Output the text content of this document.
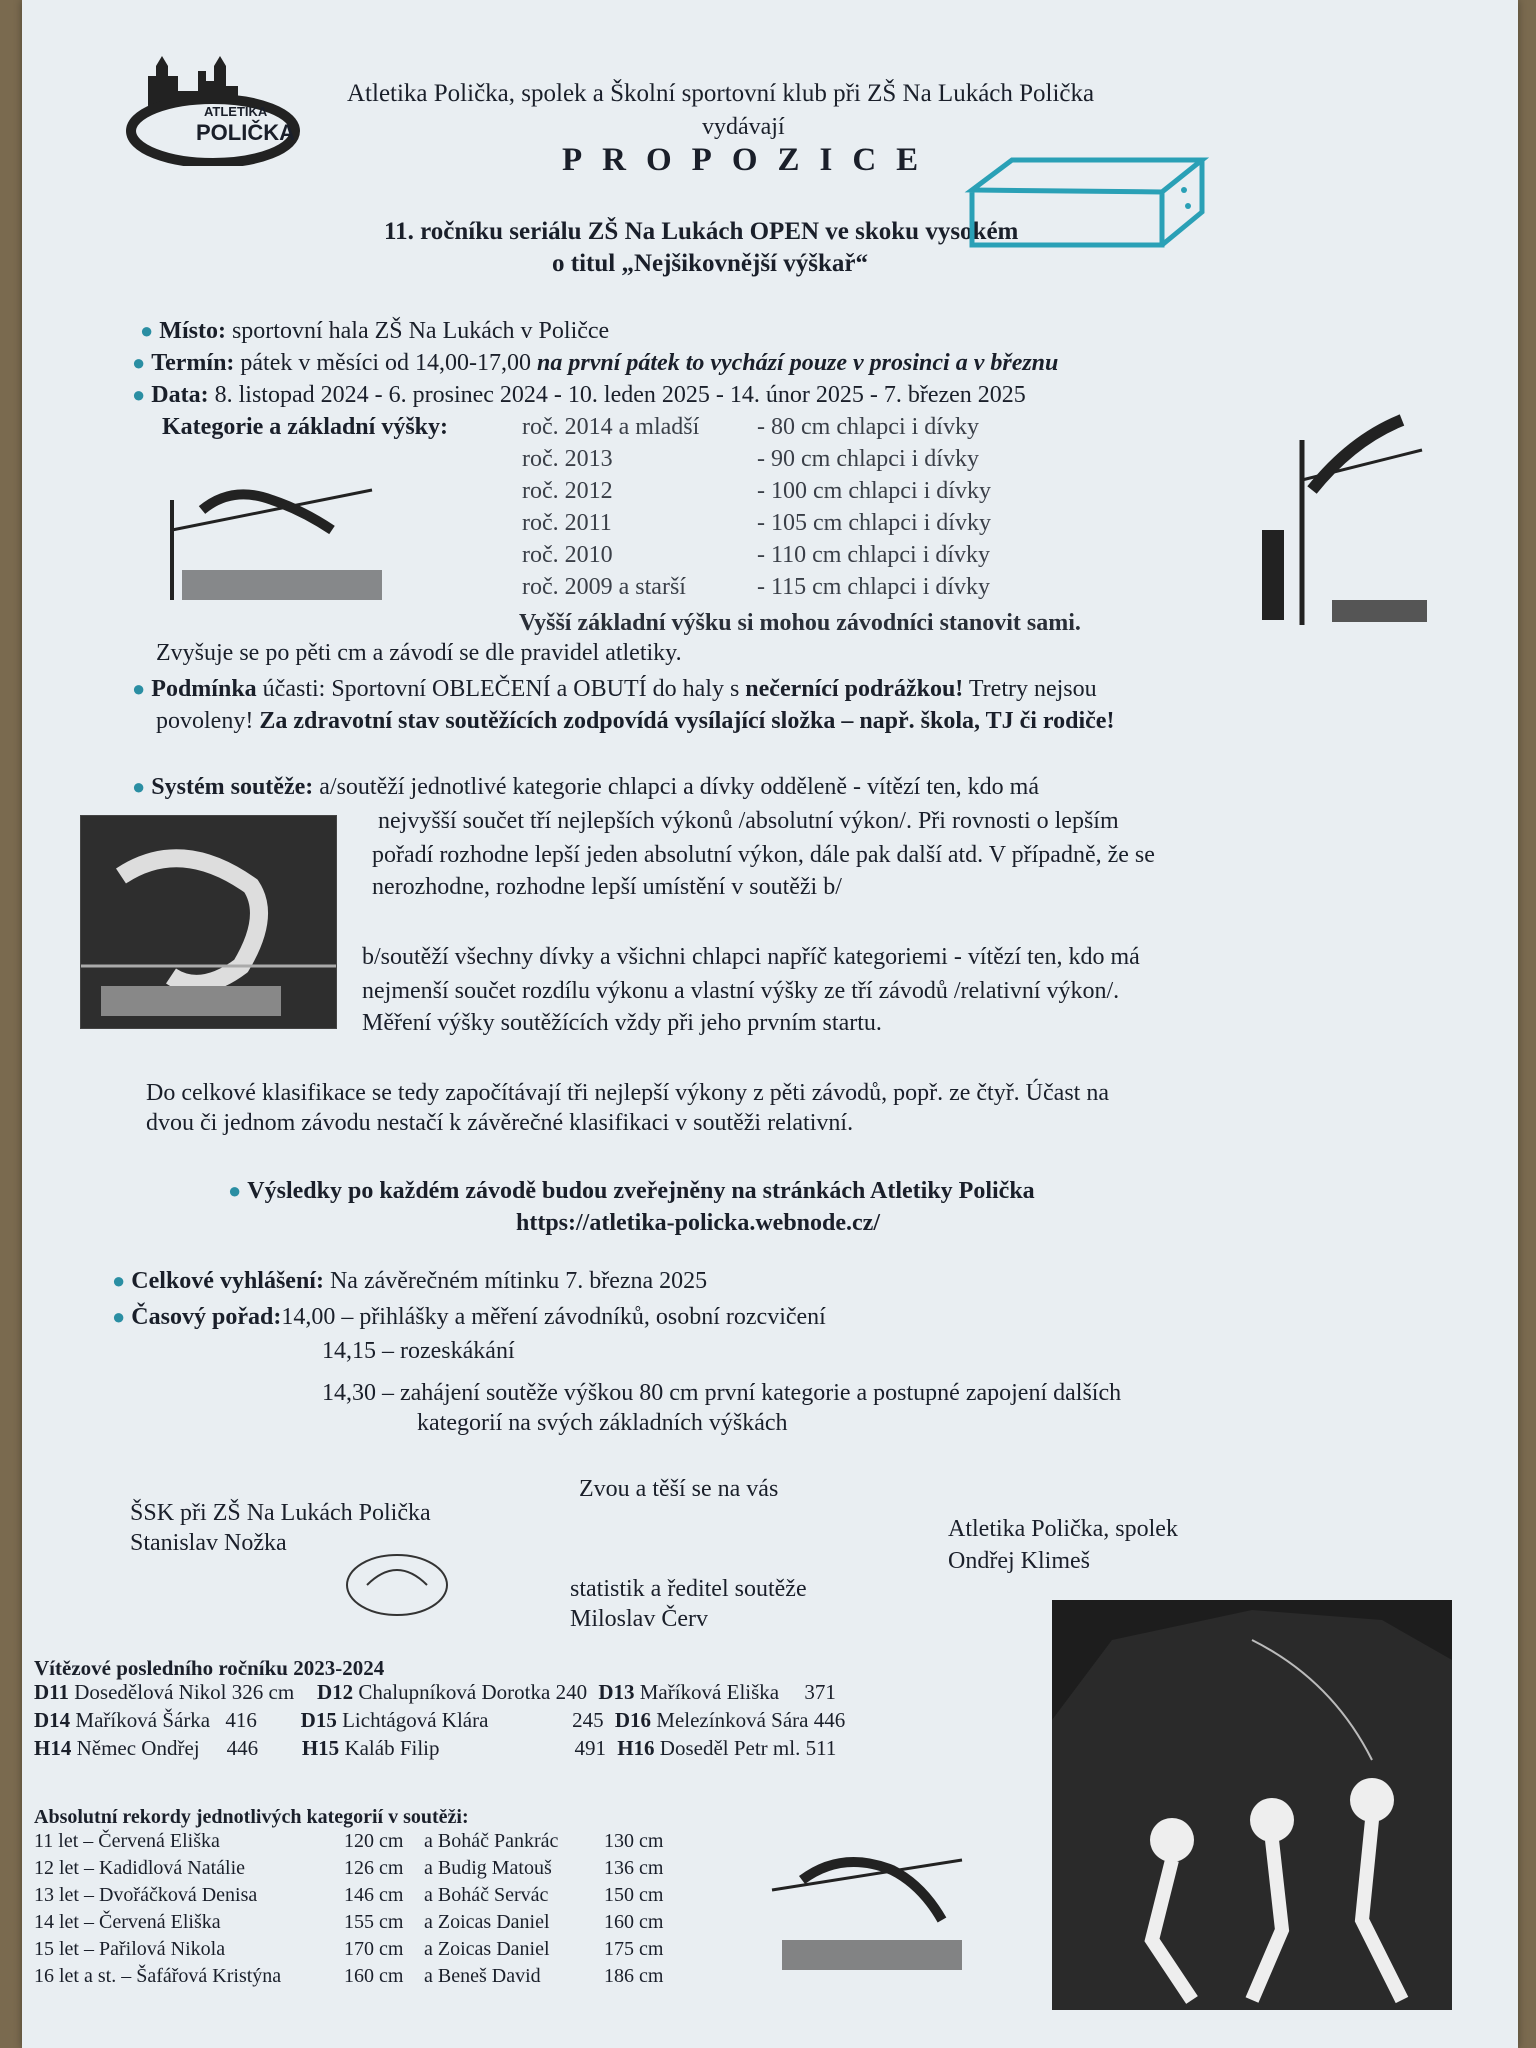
ATLETIKA
POLIČKA
Atletika Polička, spolek a Školní sportovní klub při ZŠ Na Lukách Polička
vydávají
PROPOZICE
11. ročníku seriálu ZŠ Na Lukách OPEN ve skoku vysokém
o titul „Nejšikovnější výškař“
● Místo: sportovní hala ZŠ Na Lukách v Poličce
● Termín: pátek v měsíci od 14,00-17,00 na první pátek to vychází pouze v prosinci a v březnu
● Data: 8. listopad 2024 - 6. prosinec 2024 - 10. leden 2025 - 14. únor 2025 - 7. březen 2025
Kategorie a základní výšky:	roč. 2014 a mladší - 80 cm chlapci i dívky
roč. 2013	- 90 cm chlapci i dívky
roč. 2012	- 100 cm chlapci i dívky
roč. 2011	- 105 cm chlapci i dívky
roč. 2010	- 110 cm chlapci i dívky
roč. 2009 a starší	- 115 cm chlapci i dívky
Vyšší základní výšku si mohou závodníci stanovit sami.
Zvyšuje se po pěti cm a závodí se dle pravidel atletiky.
● Podmínka účasti: Sportovní OBLEČENÍ a OBUTÍ do haly s nečernící podrážkou! Tretry nejsou
povoleny! Za zdravotní stav soutěžících zodpovídá vysílající složka – např. škola, TJ či rodiče!
● Systém soutěže: a/soutěží jednotlivé kategorie chlapci a dívky odděleně - vítězí ten, kdo má
nejvyšší součet tří nejlepších výkonů /absolutní výkon/. Při rovnosti o lepším
pořadí rozhodne lepší jeden absolutní výkon, dále pak další atd. V případně, že se
nerozhodne, rozhodne lepší umístění v soutěži b/
b/soutěží všechny dívky a všichni chlapci napříč kategoriemi - vítězí ten, kdo má
nejmenší součet rozdílu výkonu a vlastní výšky ze tří závodů /relativní výkon/.
Měření výšky soutěžících vždy při jeho prvním startu.
Do celkové klasifikace se tedy započítávají tři nejlepší výkony z pěti závodů, popř. ze čtyř. Účast na
dvou či jednom závodu nestačí k závěrečné klasifikaci v soutěži relativní.
● Výsledky po každém závodě budou zveřejněny na stránkách Atletiky Polička
https://atletika-policka.webnode.cz/
● Celkové vyhlášení: Na závěrečném mítinku 7. března 2025
● Časový pořad:14,00 – přihlášky a měření závodníků, osobní rozcvičení
14,15 – rozeskákání
14,30 – zahájení soutěže výškou 80 cm první kategorie a postupné zapojení dalších
kategorií na svých základních výškách
Zvou a těší se na vás
ŠSK při ZŠ Na Lukách Polička
Stanislav Nožka
statistik a ředitel soutěže
Miloslav Červ
Atletika Polička, spolek
Ondřej Klimeš
Vítězové posledního ročníku 2023-2024
D11 Dosedělová Nikol 326 cm D12 Chalupníková Dorotka 240 D13 Maříková Eliška 371
D14 Maříková Šárka 416 D15 Lichtágová Klára	245 D16 Melezínková Sára 446
H14 Němec Ondřej 446 H15 Kaláb Filip	491 H16 Doseděl Petr ml. 511
Absolutní rekordy jednotlivých kategorií v soutěži:
11 let – Červená Eliška	120 cm a Boháč Pankrác 130 cm
12 let – Kadidlová Natálie	126 cm a Budig Matouš	136 cm
13 let – Dvořáčková Denisa	146 cm a Boháč Servác	150 cm
14 let – Červená Eliška	155 cm a Zoicas Daniel	160 cm
15 let – Pařilová Nikola	170 cm a Zoicas Daniel	175 cm
16 let a st. – Šafářová Kristýna	160 cm a Beneš David	186 cm
